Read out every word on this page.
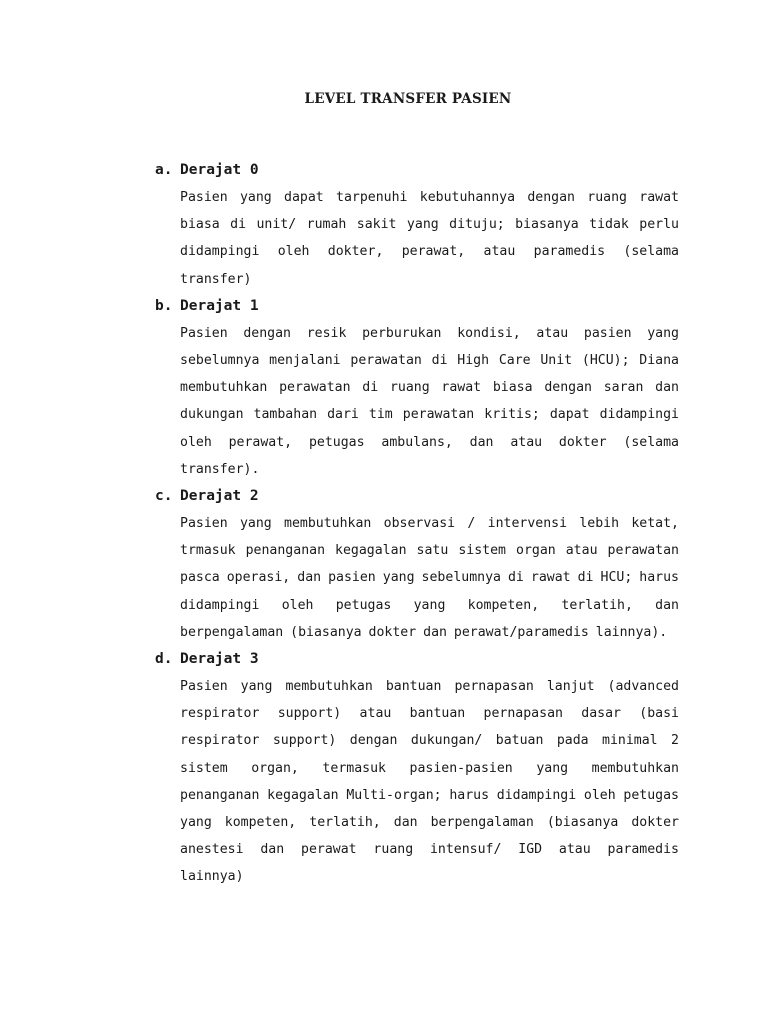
LEVEL TRANSFER PASIEN
a. Derajat 0

Pasien yang dapat tarpenuhi kebutuhannya dengan ruang rawat biasa di unit/ rumah sakit yang dituju; biasanya tidak perlu didampingi oleh dokter, perawat, atau paramedis (selama transfer)

b. Derajat 1

Pasien dengan resik perburukan kondisi, atau pasien yang sebelumnya menjalani perawatan di High Care Unit (HCU); Diana membutuhkan perawatan di ruang rawat biasa dengan saran dan dukungan tambahan dari tim perawatan kritis; dapat didampingi oleh perawat, petugas ambulans, dan atau dokter (selama transfer).

c. Derajat 2

Pasien yang membutuhkan observasi / intervensi lebih ketat, trmasuk penanganan kegagalan satu sistem organ atau perawatan pasca operasi, dan pasien yang sebelumnya di rawat di HCU; harus didampingi oleh petugas yang kompeten, terlatih, dan berpengalaman (biasanya dokter dan perawat/paramedis lainnya).

d. Derajat 3

Pasien yang membutuhkan bantuan pernapasan lanjut (advanced respirator support) atau bantuan pernapasan dasar (basi respirator support) dengan dukungan/ batuan pada minimal 2 sistem organ, termasuk pasien-pasien yang membutuhkan penanganan kegagalan Multi-organ; harus didampingi oleh petugas yang kompeten, terlatih, dan berpengalaman (biasanya dokter anestesi dan perawat ruang intensuf/ IGD atau paramedis lainnya)
